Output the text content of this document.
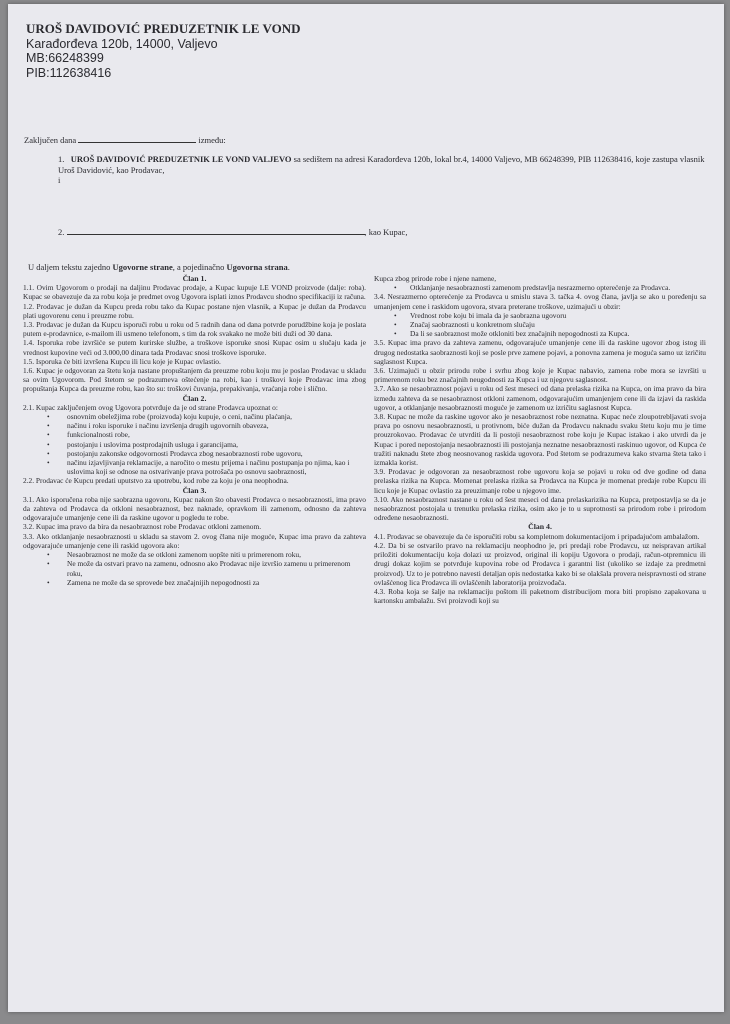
UROŠ DAVIDOVIĆ PREDUZETNIK LE VOND
Karađorđeva 120b, 14000, Valjevo
MB:66248399
PIB:112638416
Zaključen dana	između:
1. UROŠ DAVIDOVIĆ PREDUZETNIK LE VOND VALJEVO sa sedištem na adresi Karađorđeva 120b, lokal br.4, 14000 Valjevo, MB 66248399, PIB 112638416, koje zastupa vlasnik Uroš Davidović, kao Prodavac,
i
2.	, kao Kupac,
U daljem tekstu zajedno Ugovorne strane, a pojedinačno Ugovorna strana.
Član 1.

1.1. Ovim Ugovorom o prodaji na daljinu Prodavac prodaje, a Kupac kupuje LE VOND proizvode (dalje: roba). Kupac se obavezuje da za robu koja je predmet ovog Ugovora isplati iznos Prodavcu shodno specifikaciji iz računa.

1.2. Prodavac je dužan da Kupcu preda robu tako da Kupac postane njen vlasnik, a Kupac je dužan da Prodavcu plati ugovorenu cenu i preuzme robu.

1.3. Prodavac je dužan da Kupcu isporuči robu u roku od 5 radnih dana od dana potvrde porudžbine koja je poslata putem e-prodavnice, e-mailom ili usmeno telefonom, s tim da rok svakako ne može biti duži od 30 dana.

1.4. Isporuka robe izvršiće se putem kurirske službe, a troškove isporuke snosi Kupac osim u slučaju kada je vrednost kupovine veći od 3.000,00 dinara tada Prodavac snosi troškove isporuke.

1.5. Isporuka će biti izvršena Kupcu ili licu koje je Kupac ovlastio.

1.6. Kupac je odgovoran za štetu koja nastane propuštanjem da preuzme robu koju mu je poslao Prodavac u skladu sa ovim Ugovorom. Pod štetom se podrazumeva oštećenje na robi, kao i troškovi koje Prodavac ima zbog propuštanja Kupca da preuzme robu, kao što su: troškovi čuvanja, prepakivanja, vraćanja robe i slično.

Član 2.

2.1. Kupac zaključenjem ovog Ugovora potvrđuje da je od strane Prodavca upoznat o:

• osnovnim obeležjima robe (proizvoda) koju kupuje, o ceni, načinu plaćanja,
• načinu i roku isporuke i načinu izvršenja drugih ugovornih obaveza,
• funkcionalnosti robe,
• postojanju i uslovima postprodajnih usluga i garancijama,
• postojanju zakonske odgovornosti Prodavca zbog nesaobraznosti robe ugovoru,
• načinu izjavljivanja reklamacije, a naročito o mestu prijema i načinu postupanja po njima, kao i uslovima koji se odnose na ostvarivanje prava potrošača po osnovu saobraznosti,

2.2. Prodavac će Kupcu predati uputstvo za upotrebu, kod robe za koju je ona neophodna.

Član 3.

3.1. Ako isporučena roba nije saobrazna ugovoru, Kupac nakon što obavesti Prodavca o nesaobraznosti, ima pravo da zahteva od Prodavca da otkloni nesaobraznost, bez naknade, opravkom ili zamenom, odnosno da zahteva odgovarajuće umanjenje cene ili da raskine ugovor u pogledu te robe.

3.2. Kupac ima pravo da bira da nesaobraznost robe Prodavac otkloni zamenom.

3.3. Ako otklanjanje nesaobraznosti u skladu sa stavom 2. ovog člana nije moguće, Kupac ima pravo da zahteva odgovarajuće umanjenje cene ili raskid ugovora ako:

• Nesaobraznost ne može da se otkloni zamenom uopšte niti u primerenom roku,
• Ne može da ostvari pravo na zamenu, odnosno ako Prodavac nije izvršio zamenu u primerenom roku,
• Zamena ne može da se sprovede bez značajnijih nepogodnosti za

Kupca zbog prirode robe i njene namene,

• Otklanjanje nesaobraznosti zamenom predstavlja nesrazmerno opterećenje za Prodavca.

3.4. Nesrazmerno opterećenje za Prodavca u smislu stava 3. tačka 4. ovog člana, javlja se ako u poređenju sa umanjenjem cene i raskidom ugovora, stvara preterane troškove, uzimajući u obzir:

• Vrednost robe koju bi imala da je saobrazna ugovoru
• Značaj saobraznosti u konkretnom slučaju
• Da li se saobraznost može otkloniti bez značajnih nepogodnosti za Kupca.

3.5. Kupac ima pravo da zahteva zamenu, odgovarajuće umanjenje cene ili da raskine ugovor zbog istog ili drugog nedostatka saobraznosti koji se posle prve zamene pojavi, a ponovna zamena je moguća samo uz izričitu saglasnost Kupca.

3.6. Uzimajući u obzir prirodu robe i svrhu zbog koje je Kupac nabavio, zamena robe mora se izvršiti u primerenom roku bez značajnih neugodnosti za Kupca i uz njegovu saglasnost.

3.7. Ako se nesaobraznost pojavi u roku od šest meseci od dana prelaska rizika na Kupca, on ima pravo da bira između zahteva da se nesaobraznost otkloni zamenom, odgovarajućim umanjenjem cene ili da izjavi da raskida ugovor, a otklanjanje nesaobraznosti moguće je zamenom uz izričitu saglasnost Kupca.

3.8. Kupac ne može da raskine ugovor ako je nesaobraznost robe neznatna. Kupac neće zloupotrebljavati svoja prava po osnovu nesaobraznosti, u protivnom, biće dužan da Prodavcu naknadu svaku štetu koju mu je time prouzrokovao. Prodavac će utvrditi da li postoji nesaobraznost robe koju je Kupac istakao i ako utvrdi da je Kupac i pored nepostojanja nesaobraznosti ili postojanja neznatne nesaobraznosti raskinuo ugovor, od Kupca će tražiti naknadu štete zbog neosnovanog raskida ugovora. Pod štetom se podrazumeva kako stvarna šteta tako i izmakla korist.

3.9. Prodavac je odgovoran za nesaobraznost robe ugovoru koja se pojavi u roku od dve godine od dana prelaska rizika na Kupca. Momenat prelaska rizika sa Prodavca na Kupca je momenat predaje robe Kupcu ili licu koje je Kupac ovlastio za preuzimanje robe u njegovo ime.

3.10. Ako nesaobraznost nastane u roku od šest meseci od dana prelaskarizika na Kupca, pretpostavlja se da je nesaobraznost postojala u trenutku prelaska rizika, osim ako je to u suprotnosti sa prirodom robe i prirodom određene nesaobraznosti.

Član 4.

4.1. Prodavac se obavezuje da će isporučiti robu sa kompletnom dokumentacijom i pripadajućom ambalažom.

4.2. Da bi se ostvarilo pravo na reklamaciju neophodno je, pri predaji robe Prodavcu, uz neispravan artikal priložiti dokumentaciju koja dolazi uz proizvod, original ili kopiju Ugovora o prodaji, račun-otpremnicu ili drugi dokaz kojim se potvrđuje kupovina robe od Prodavca i garantni list (ukoliko se izdaje za predmetni proizvod). Uz to je potrebno navesti detaljan opis nedostatka kako bi se olakšala provera neispravnosti od strane ovlašćenog lica Prodavca ili ovlašćenih laboratorija proizvođača.

4.3. Roba koja se šalje na reklamaciju poštom ili paketnom distribucijom mora biti propisno zapakovana u kartonsku ambalažu. Svi proizvodi koji su
